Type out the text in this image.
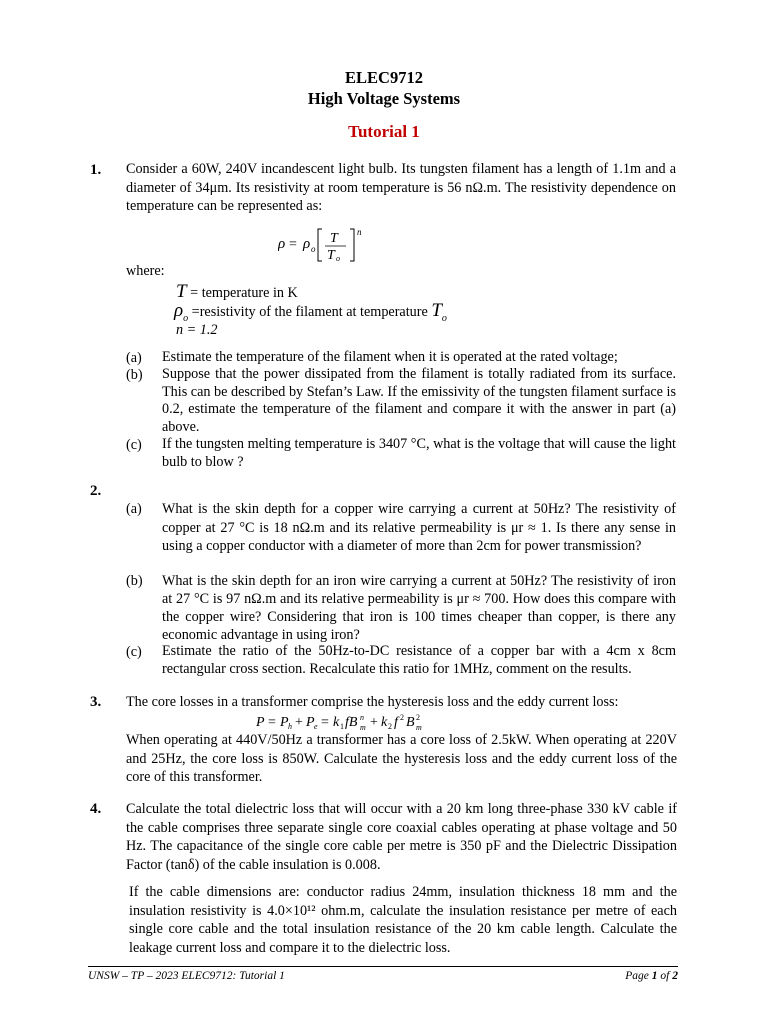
ELEC9712
High Voltage Systems
Tutorial 1
1. Consider a 60W, 240V incandescent light bulb. Its tungsten filament has a length of 1.1m and a diameter of 34μm. Its resistivity at room temperature is 56 nΩ.m. The resistivity dependence on temperature can be represented as:
ρ = ρ o
T
T o
n
where:
T = temperature in K
$\rho_o$ =resistivity of the filament at temperature $T_o$
n = 1.2
(a) Estimate the temperature of the filament when it is operated at the rated voltage;
(b) Suppose that the power dissipated from the filament is totally radiated from its surface. This can be described by Stefan’s Law. If the emissivity of the tungsten filament surface is 0.2, estimate the temperature of the filament and compare it with the answer in part (a) above.
(c) If the tungsten melting temperature is 3407 °C, what is the voltage that will cause the light bulb to blow ?
2.
(a) What is the skin depth for a copper wire carrying a current at 50Hz? The resistivity of copper at 27 °C is 18 nΩ.m and its relative permeability is μr ≈ 1. Is there any sense in using a copper conductor with a diameter of more than 2cm for power transmission?
(b) What is the skin depth for an iron wire carrying a current at 50Hz? The resistivity of iron at 27 °C is 97 nΩ.m and its relative permeability is μr ≈ 700. How does this compare with the copper wire? Considering that iron is 100 times cheaper than copper, is there any economic advantage in using iron?
(c) Estimate the ratio of the 50Hz-to-DC resistance of a copper bar with a 4cm x 8cm rectangular cross section. Recalculate this ratio for 1MHz, comment on the results.
3. The core losses in a transformer comprise the hysteresis loss and the eddy current loss:
P = P h + P e = k 1 fB n
m + k 2 f 2 B 2
m
When operating at 440V/50Hz a transformer has a core loss of 2.5kW. When operating at 220V and 25Hz, the core loss is 850W. Calculate the hysteresis loss and the eddy current loss of the core of this transformer.
4. Calculate the total dielectric loss that will occur with a 20 km long three-phase 330 kV cable if the cable comprises three separate single core coaxial cables operating at phase voltage and 50 Hz. The capacitance of the single core cable per metre is 350 pF and the Dielectric Dissipation Factor (tanδ) of the cable insulation is 0.008.
If the cable dimensions are: conductor radius 24mm, insulation thickness 18 mm and the insulation resistivity is 4.0×10¹² ohm.m, calculate the insulation resistance per metre of each single core cable and the total insulation resistance of the 20 km cable length. Calculate the leakage current loss and compare it to the dielectric loss.
UNSW – TP – 2023 ELEC9712: Tutorial 1	Page 1 of 2
